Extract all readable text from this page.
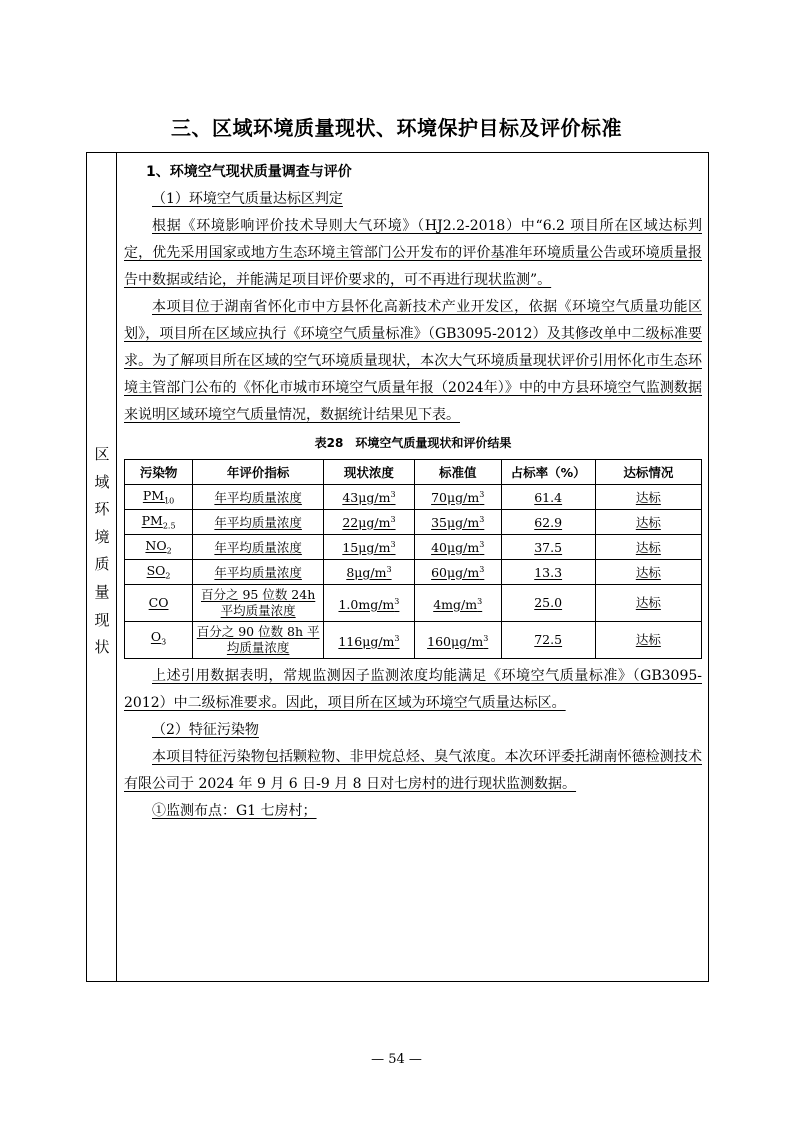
三、区域环境质量现状、环境保护目标及评价标准
区
域
环
境
质
量
现
状

1、环境空气现状质量调查与评价

（1）环境空气质量达标区判定

根据《环境影响评价技术导则大气环境》（HJ2.2-2018）中“6.2 项目所在区域达标判定，优先采用国家或地方生态环境主管部门公开发布的评价基准年环境质量公告或环境质量报告中数据或结论，并能满足项目评价要求的，可不再进行现状监测”。

本项目位于湖南省怀化市中方县怀化高新技术产业开发区，依据《环境空气质量功能区划》，项目所在区域应执行《环境空气质量标准》（GB3095-2012）及其修改单中二级标准要求。为了解项目所在区域的空气环境质量现状，本次大气环境质量现状评价引用怀化市生态环境主管部门公布的《怀化市城市环境空气质量年报（2024年）》中的中方县环境空气监测数据来说明区域环境空气质量情况，数据统计结果见下表。

表28　环境空气质量现状和评价结果
污染物	年评价指标	现状浓度	标准值	占标率（%）	达标情况
$PM_{10}$	年平均质量浓度	$43\mu g/m^3$	$70\mu g/m^3$	61.4	达标
$PM_{2.5}$	年平均质量浓度	$22\mu g/m^3$	$35\mu g/m^3$	62.9	达标
$NO_2$	年平均质量浓度	$15\mu g/m^3$	$40\mu g/m^3$	37.5	达标
$SO_2$	年平均质量浓度	$8\mu g/m^3$	$60\mu g/m^3$	13.3	达标
CO	百分之 95 位数 24h 平均质量浓度	$1.0mg/m^3$	$4mg/m^3$	25.0	达标
$O_3$	百分之 90 位数 8h 平均质量浓度	$116\mu g/m^3$	$160\mu g/m^3$	72.5	达标

上述引用数据表明，常规监测因子监测浓度均能满足《环境空气质量标准》（GB3095-2012）中二级标准要求。因此，项目所在区域为环境空气质量达标区。

（2）特征污染物

本项目特征污染物包括颗粒物、非甲烷总烃、臭气浓度。本次环评委托湖南怀德检测技术有限公司于 2024 年 9 月 6 日-9 月 8 日对七房村的进行现状监测数据。

①监测布点：G1 七房村；

— 54 —
